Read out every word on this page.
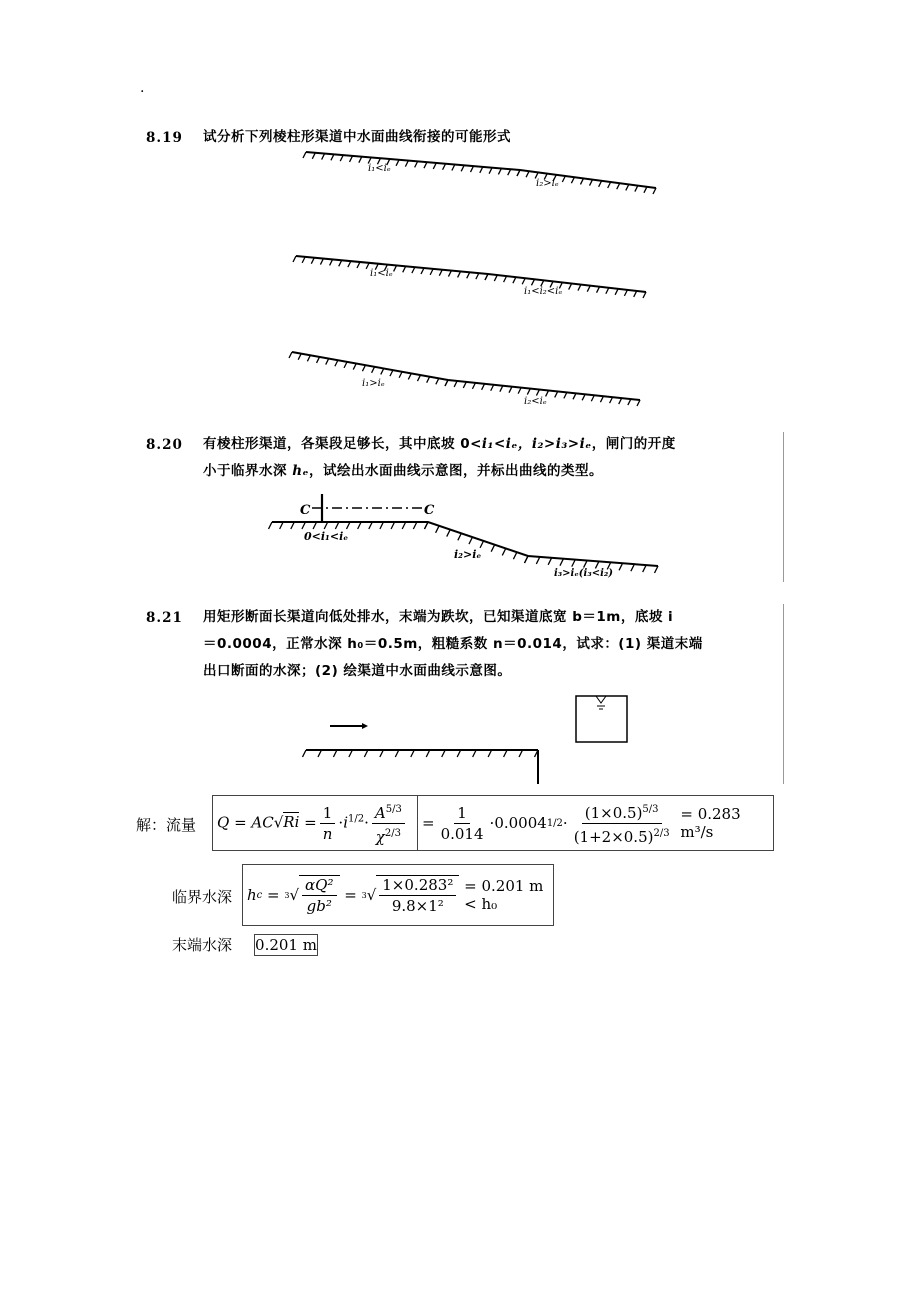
.
8.19 试分析下列棱柱形渠道中水面曲线衔接的可能形式
i₁<iₑ
i₂>iₑ
i₁<iₑ
i₁<i₂<iₑ
i₁>iₑ
i₂<iₑ
C	C
0<i₁<iₑ
i₂>iₑ
i₃>iₑ(i₃<i₂)
8.20 有棱柱形渠道，各渠段足够长，其中底坡 0<i₁<iₑ，i₂>i₃>iₑ，闸门的开度
小于临界水深 hₑ，试绘出水面曲线示意图，并标出曲线的类型。
8.21 用矩形断面长渠道向低处排水，末端为跌坎，已知渠道底宽 b＝1m，底坡 i
＝0.0004，正常水深 h₀＝0.5m，粗糙系数 n＝0.014，试求：(1) 渠道末端
出口断面的水深；(2) 绘渠道中水面曲线示意图。
解：流量 $Q = AC√Ri = \frac{1}{n} \cdot i^{1/2}\cdot \frac{A^{5/3}}{\chi^{2/3}}$	= $\frac{1}{0.014} \cdot 0.0004$ $1/2 \cdot \frac{(1\times 0.5)^{5/3}}{(1+2\times 0.5)^{2/3}}$
= 0.283 m³/s
临界水深 h c = 3 √ $\frac{\text{αQ²}}{\text{gb²}} = 3$ √ $\frac{\text{1×0.283²}}{\text{9.8×1²}}$
= 0.201 m < h₀
末端水深 0.201 m
